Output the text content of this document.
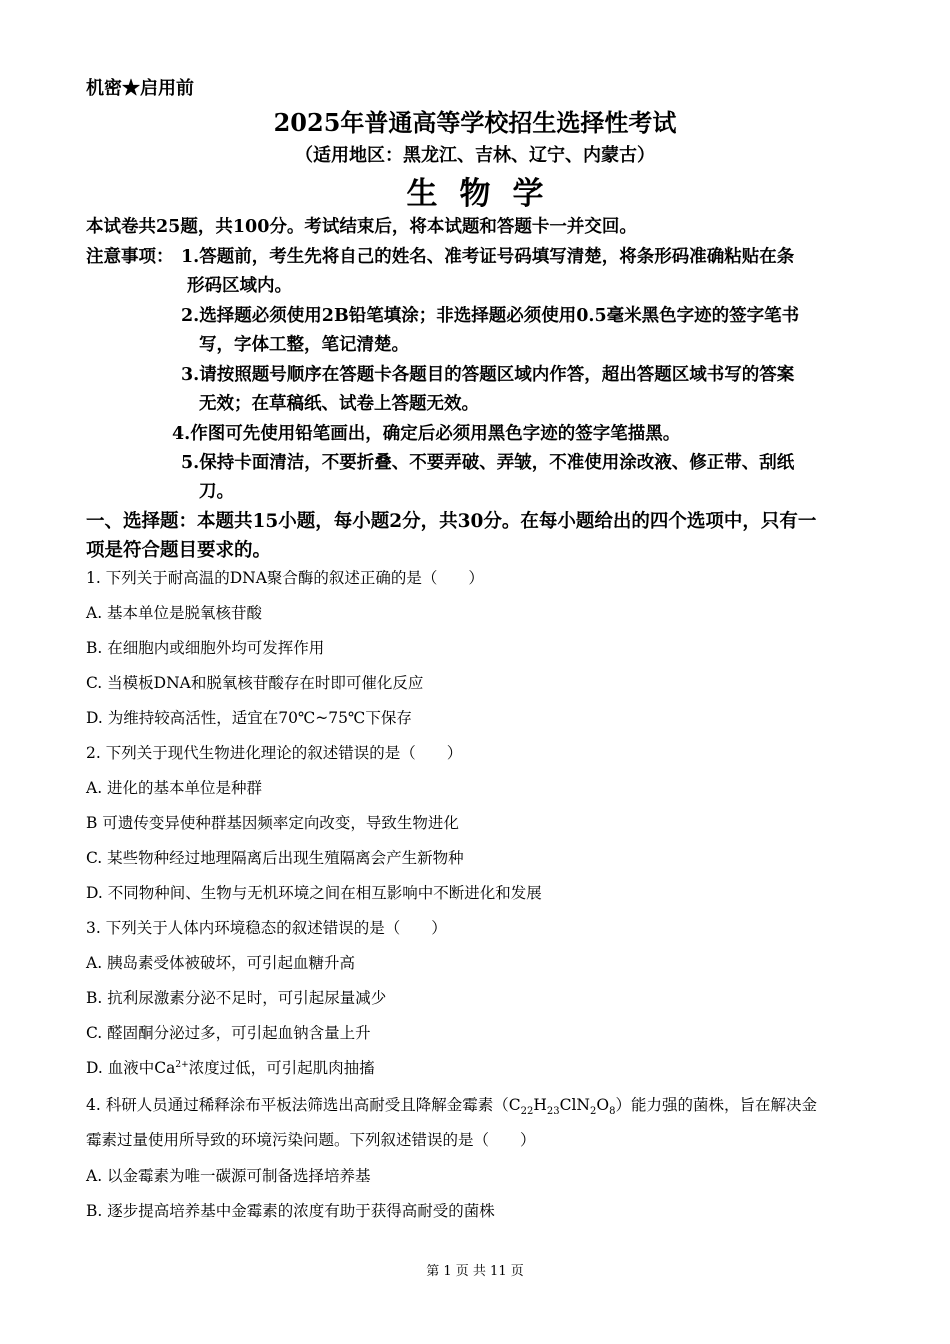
机密★启用前
2025年普通高等学校招生选择性考试
（适用地区：黑龙江、吉林、辽宁、内蒙古）
生物学
本试卷共25题，共100分。考试结束后，将本试题和答题卡一并交回。
注意事项： 1.答题前，考生先将自己的姓名、准考证号码填写清楚，将条形码准确粘贴在条
形码区域内。
2.选择题必须使用2B铅笔填涂；非选择题必须使用0.5毫米黑色字迹的签字笔书
写，字体工整，笔记清楚。
3.请按照题号顺序在答题卡各题目的答题区域内作答，超出答题区域书写的答案
无效；在草稿纸、试卷上答题无效。
4.作图可先使用铅笔画出，确定后必须用黑色字迹的签字笔描黑。
5.保持卡面清洁，不要折叠、不要弄破、弄皱，不准使用涂改液、修正带、刮纸
刀。
一、选择题：本题共15小题，每小题2分，共30分。在每小题给出的四个选项中，只有一
项是符合题目要求的。
1. 下列关于耐高温的DNA聚合酶的叙述正确的是（　　）
A. 基本单位是脱氧核苷酸
B. 在细胞内或细胞外均可发挥作用
C. 当模板DNA和脱氧核苷酸存在时即可催化反应
D. 为维持较高活性，适宜在70℃~75℃下保存
2. 下列关于现代生物进化理论的叙述错误的是（　　）
A. 进化的基本单位是种群
B 可遗传变异使种群基因频率定向改变，导致生物进化
C. 某些物种经过地理隔离后出现生殖隔离会产生新物种
D. 不同物种间、生物与无机环境之间在相互影响中不断进化和发展
3. 下列关于人体内环境稳态的叙述错误的是（　　）
A. 胰岛素受体被破坏，可引起血糖升高
B. 抗利尿激素分泌不足时，可引起尿量减少
C. 醛固酮分泌过多，可引起血钠含量上升
D. 血液中$Ca^{2+}$浓度过低，可引起肌肉抽搐
4. 科研人员通过稀释涂布平板法筛选出高耐受且降解金霉素$(C_{22}H_{23}ClN_2O_8)$能力强的菌株，旨在解决金
霉素过量使用所导致的环境污染问题。下列叙述错误的是（　　）
A. 以金霉素为唯一碳源可制备选择培养基
B. 逐步提高培养基中金霉素的浓度有助于获得高耐受的菌株
第 1 页 共 11 页
